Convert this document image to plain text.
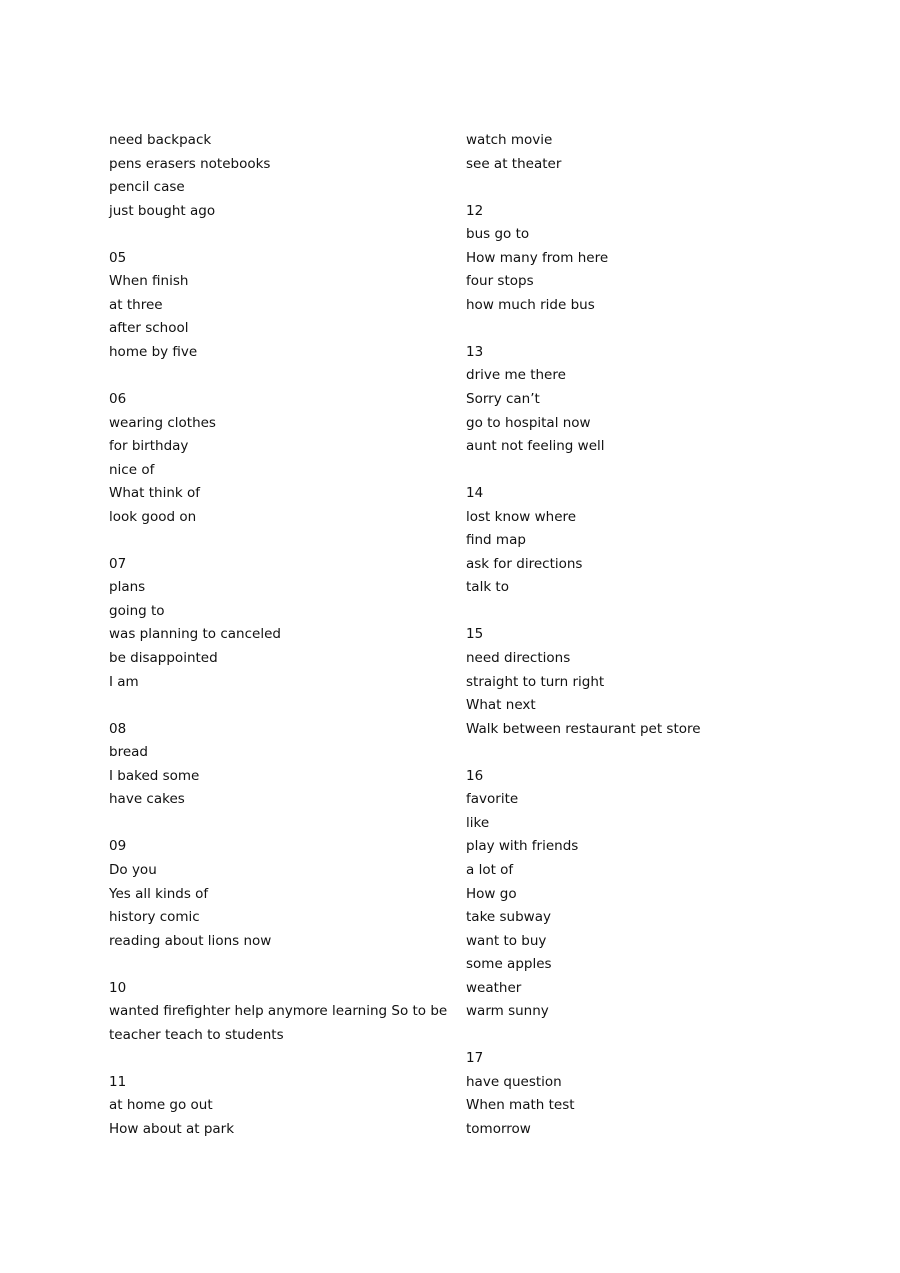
need backpack
pens erasers notebooks
pencil case
just bought ago
05
When finish
at three
after school
home by five
06
wearing clothes
for birthday
nice of
What think of
look good on
07
plans
going to
was planning to canceled
be disappointed
I am
08
bread
I baked some
have cakes
09
Do you
Yes all kinds of
history comic
reading about lions now
10
wanted firefighter help anymore learning So to be
teacher teach to students
11
at home go out
How about at park
watch movie
see at theater
12
bus go to
How many from here
four stops
how much ride bus
13
drive me there
Sorry can’t
go to hospital now
aunt not feeling well
14
lost know where
find map
ask for directions
talk to
15
need directions
straight to turn right
What next
Walk between restaurant pet store
16
favorite
like
play with friends
a lot of
How go
take subway
want to buy
some apples
weather
warm sunny
17
have question
When math test
tomorrow
